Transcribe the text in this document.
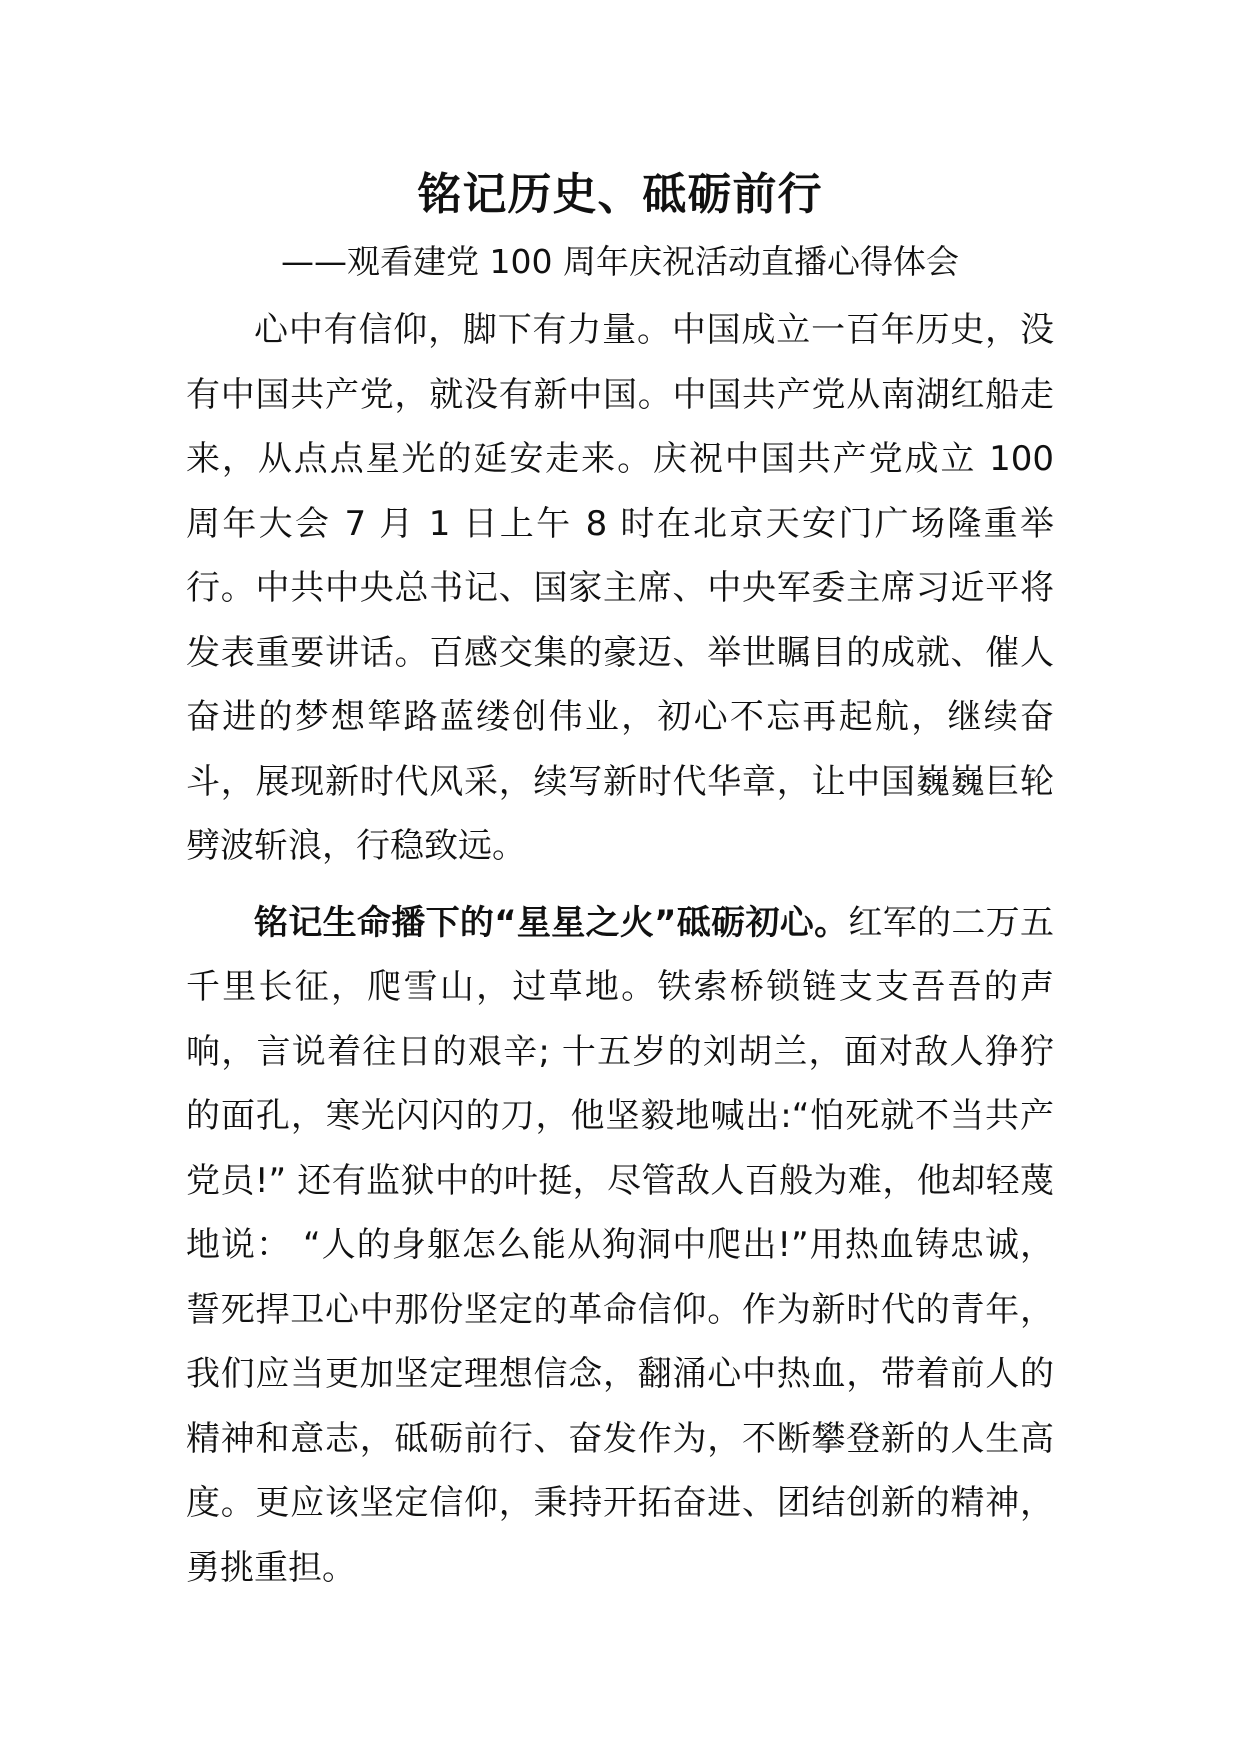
铭记历史、砥砺前行
——观看建党 100 周年庆祝活动直播心得体会

心中有信仰，脚下有力量。中国成立一百年历史，没有中国共产党，就没有新中国。中国共产党从南湖红船走来，从点点星光的延安走来。庆祝中国共产党成立 100 周年大会 7 月 1 日上午 8 时在北京天安门广场隆重举行。中共中央总书记、国家主席、中央军委主席习近平将发表重要讲话。百感交集的豪迈、举世瞩目的成就、催人奋进的梦想筚路蓝缕创伟业，初心不忘再起航，继续奋斗，展现新时代风采，续写新时代华章，让中国巍巍巨轮劈波斩浪，行稳致远。

铭记生命播下的“星星之火”砥砺初心。红军的二万五千里长征，爬雪山，过草地。铁索桥锁链支支吾吾的声响，言说着往日的艰辛; 十五岁的刘胡兰，面对敌人狰狞的面孔，寒光闪闪的刀，他坚毅地喊出:“怕死就不当共产党员!” 还有监狱中的叶挺，尽管敌人百般为难，他却轻蔑地说： “人的身躯怎么能从狗洞中爬出!”用热血铸忠诚，誓死捍卫心中那份坚定的革命信仰。作为新时代的青年，我们应当更加坚定理想信念，翻涌心中热血，带着前人的精神和意志，砥砺前行、奋发作为，不断攀登新的人生高度。更应该坚定信仰，秉持开拓奋进、团结创新的精神，勇挑重担。
